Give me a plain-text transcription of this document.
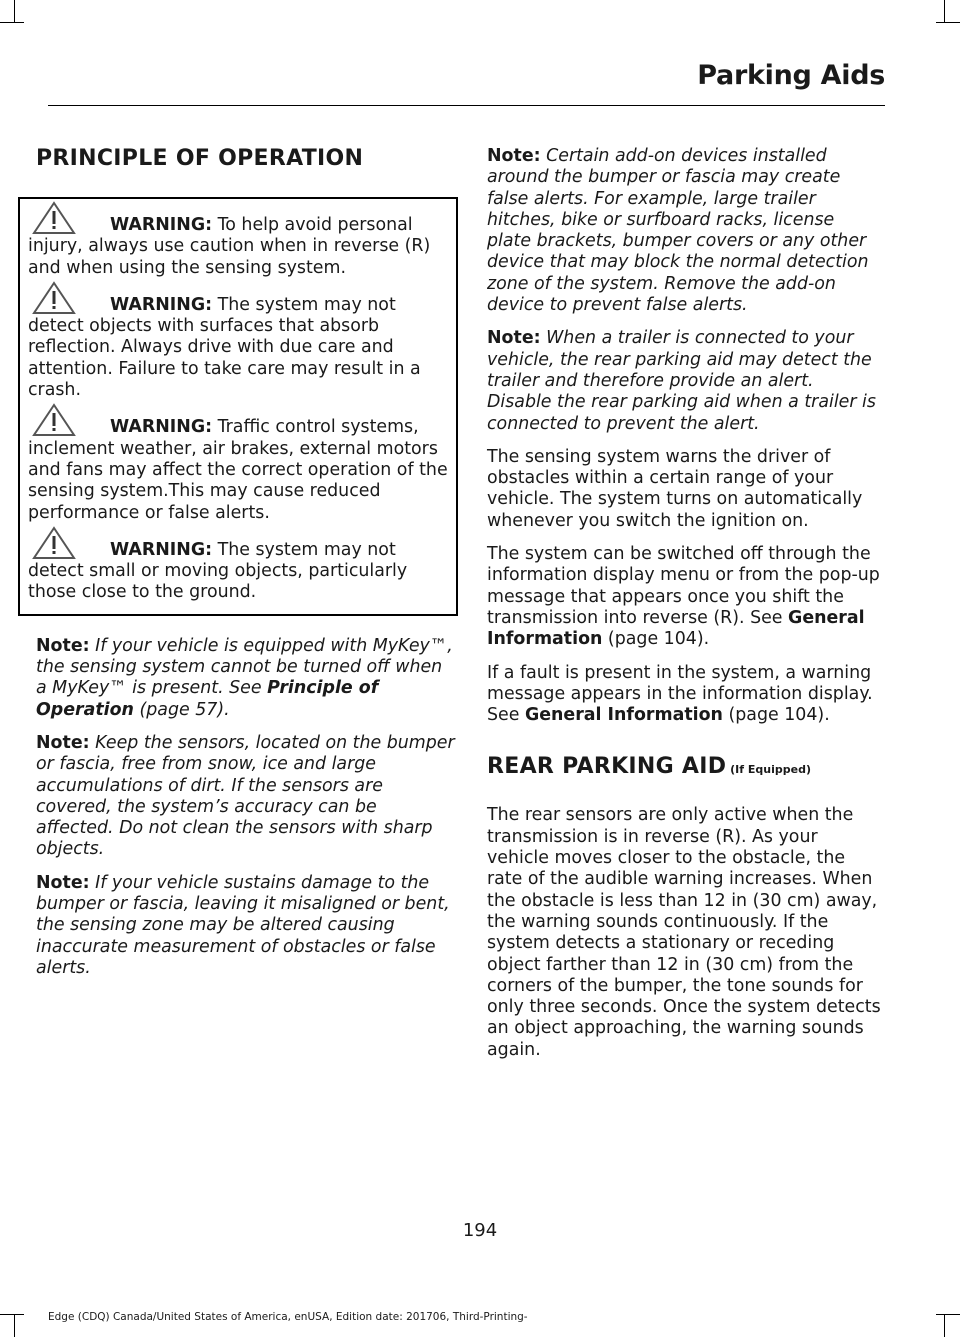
Parking Aids
PRINCIPLE OF OPERATION

WARNING: To help avoid personal injury, always use caution when in reverse (R) and when using the sensing system.

WARNING: The system may not detect objects with surfaces that absorb reflection. Always drive with due care and attention. Failure to take care may result in a crash.

WARNING: Traffic control systems, inclement weather, air brakes, external motors and fans may affect the correct operation of the sensing system.This may cause reduced performance or false alerts.

WARNING: The system may not detect small or moving objects, particularly those close to the ground.

Note: If your vehicle is equipped with MyKey™, the sensing system cannot be turned off when a MyKey™ is present. See Principle of Operation (page 57).

Note: Keep the sensors, located on the bumper or fascia, free from snow, ice and large accumulations of dirt. If the sensors are covered, the system’s accuracy can be affected. Do not clean the sensors with sharp objects.

Note: If your vehicle sustains damage to the bumper or fascia, leaving it misaligned or bent, the sensing zone may be altered causing inaccurate measurement of obstacles or false alerts.

Note: Certain add-on devices installed around the bumper or fascia may create false alerts. For example, large trailer hitches, bike or surfboard racks, license plate brackets, bumper covers or any other device that may block the normal detection zone of the system. Remove the add-on device to prevent false alerts.

Note: When a trailer is connected to your vehicle, the rear parking aid may detect the trailer and therefore provide an alert. Disable the rear parking aid when a trailer is connected to prevent the alert.

The sensing system warns the driver of obstacles within a certain range of your vehicle. The system turns on automatically whenever you switch the ignition on.

The system can be switched off through the information display menu or from the pop-up message that appears once you shift the transmission into reverse (R). See General Information (page 104).

If a fault is present in the system, a warning message appears in the information display. See General Information (page 104).

REAR PARKING AID (If Equipped)

The rear sensors are only active when the transmission is in reverse (R). As your vehicle moves closer to the obstacle, the rate of the audible warning increases. When the obstacle is less than 12 in (30 cm) away, the warning sounds continuously. If the system detects a stationary or receding object farther than 12 in (30 cm) from the corners of the bumper, the tone sounds for only three seconds. Once the system detects an object approaching, the warning sounds again.

194
Edge (CDQ) Canada/United States of America, enUSA, Edition date: 201706, Third-Printing-
